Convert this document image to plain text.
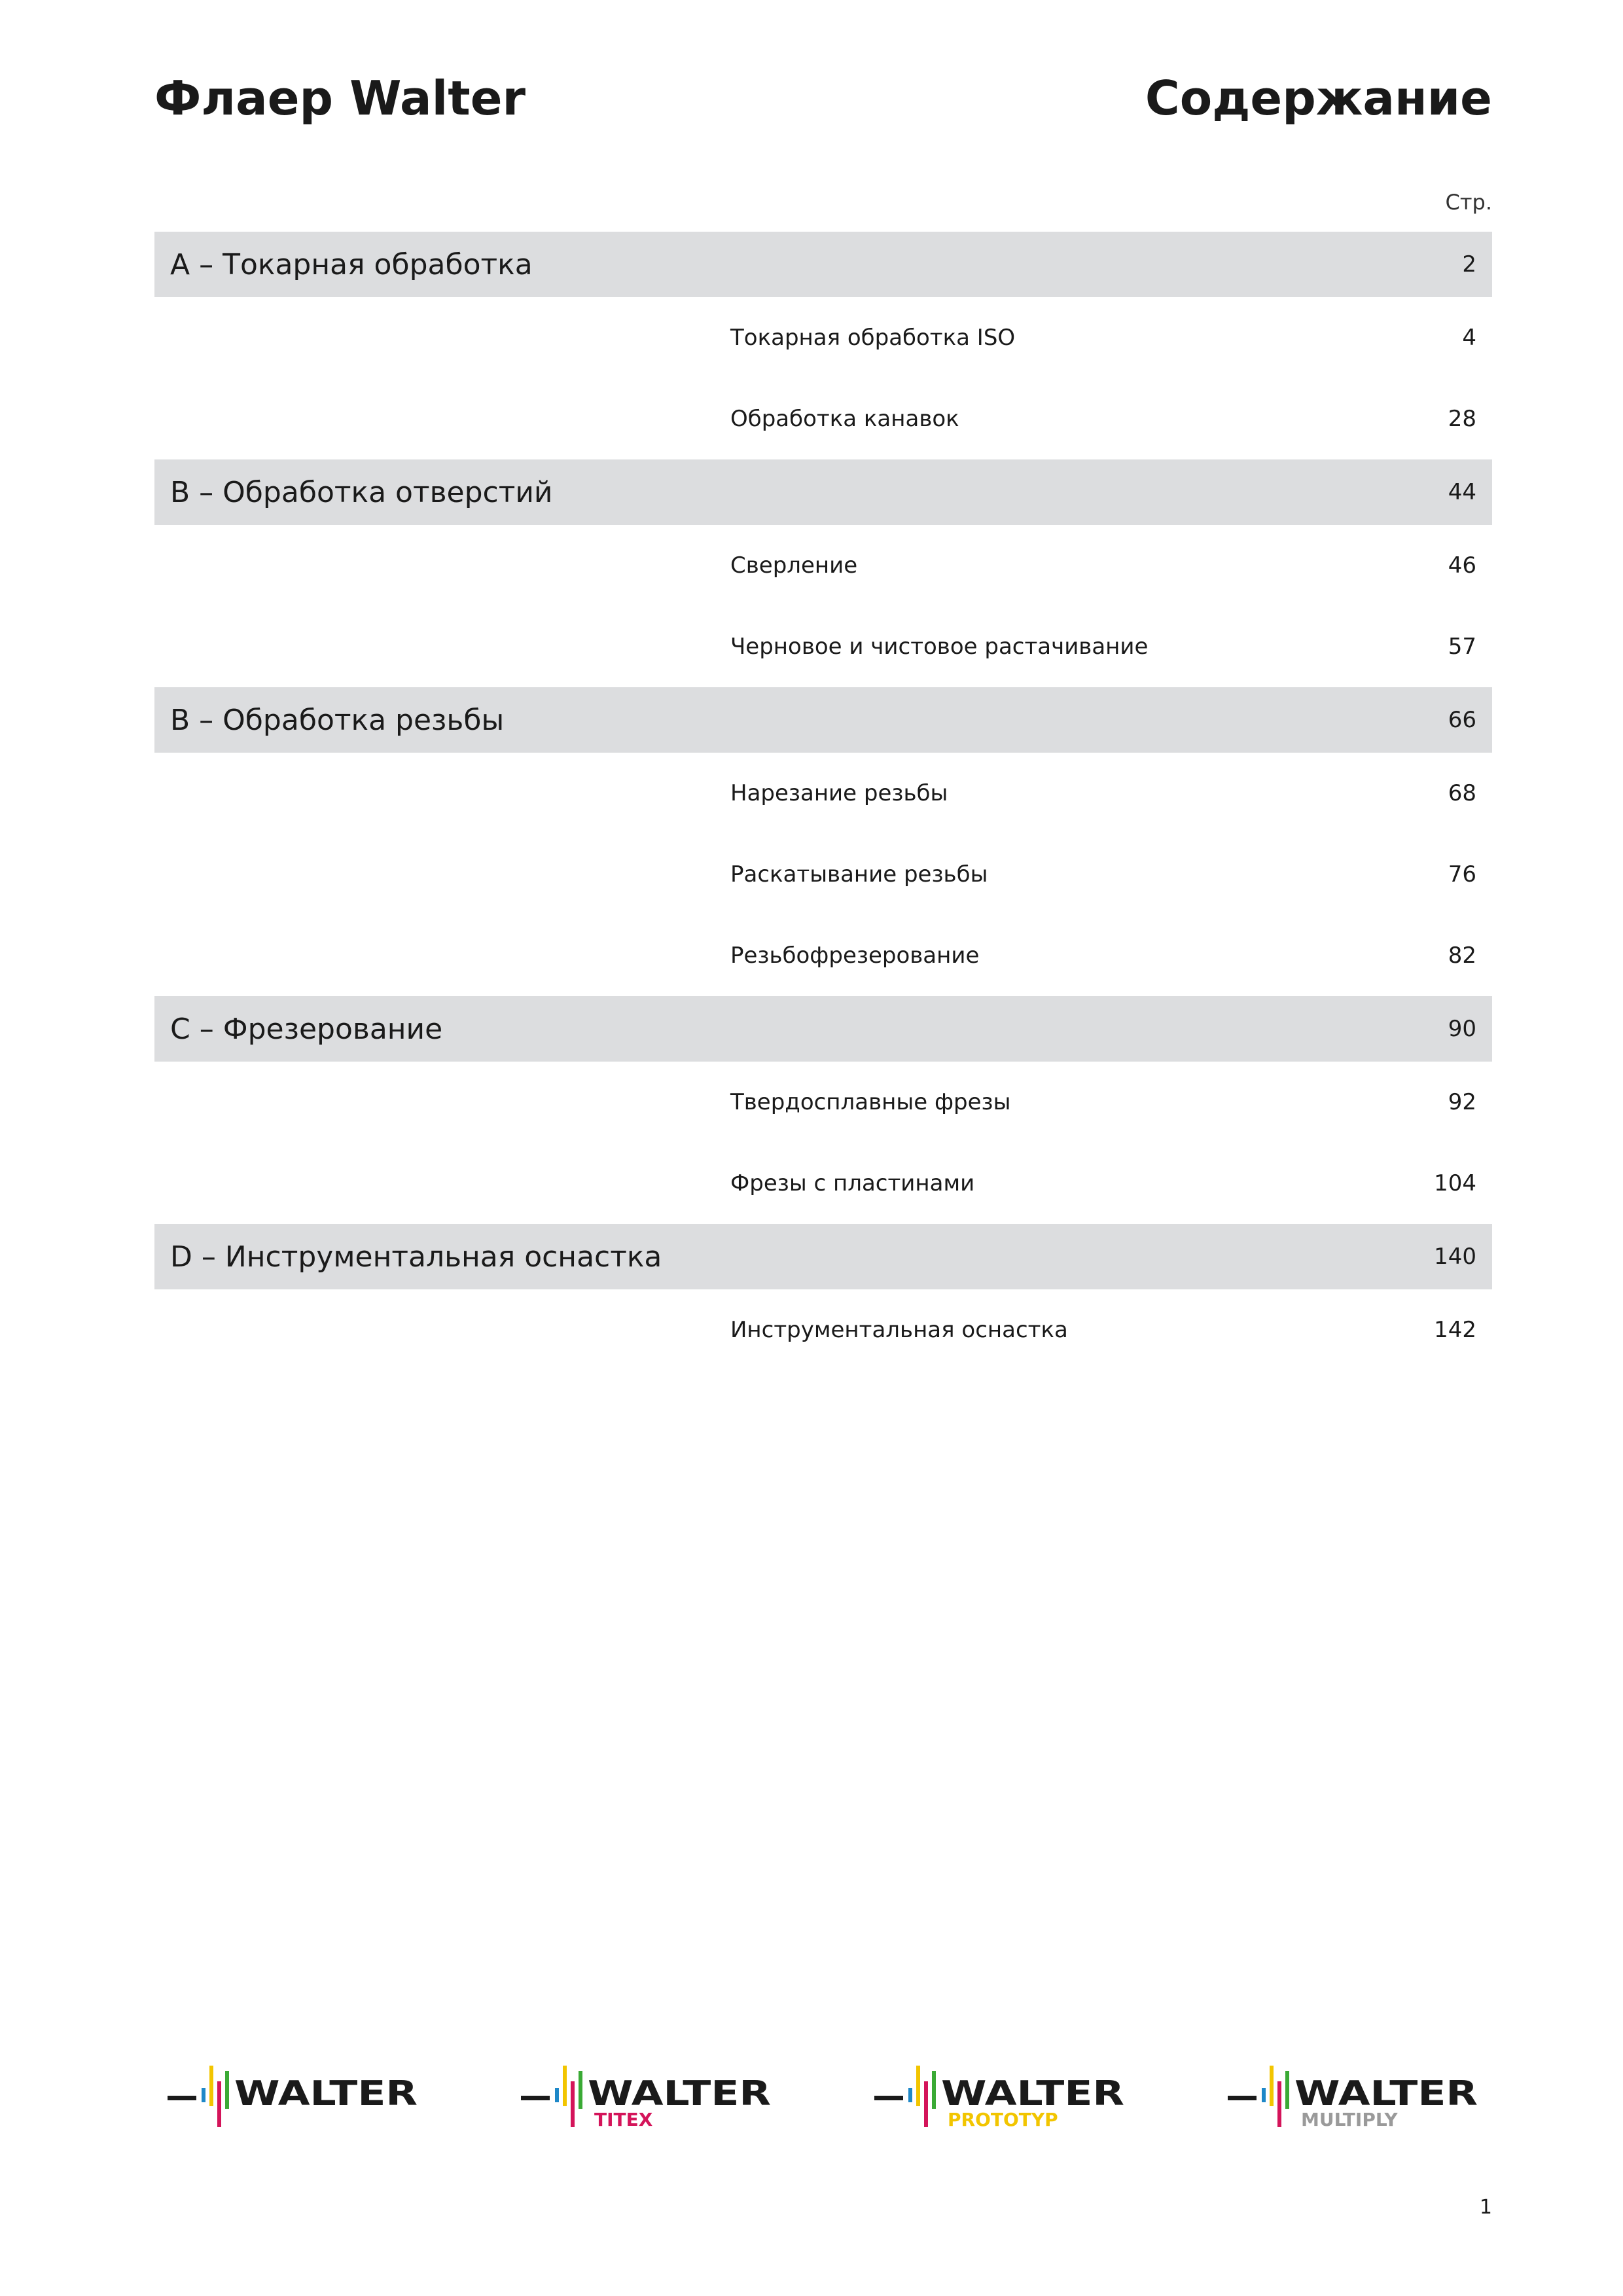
Флаер Walter	Содержание
Стр.
A – Токарная обработка	2
Токарная обработка ISO	4
Обработка канавок	28
B – Обработка отверстий	44
Сверление	46
Черновое и чистовое растачивание	57
B – Обработка резьбы	66
Нарезание резьбы	68
Раскатывание резьбы	76
Резьбофрезерование	82
C – Фрезерование	90
Твердосплавные фрезы	92
Фрезы с пластинами	104
D – Инструментальная оснастка	140
Инструментальная оснастка	142
WALTER	WALTER
TITEX
WALTER
PROTOTYP
WALTER
MULTIPLY
1
